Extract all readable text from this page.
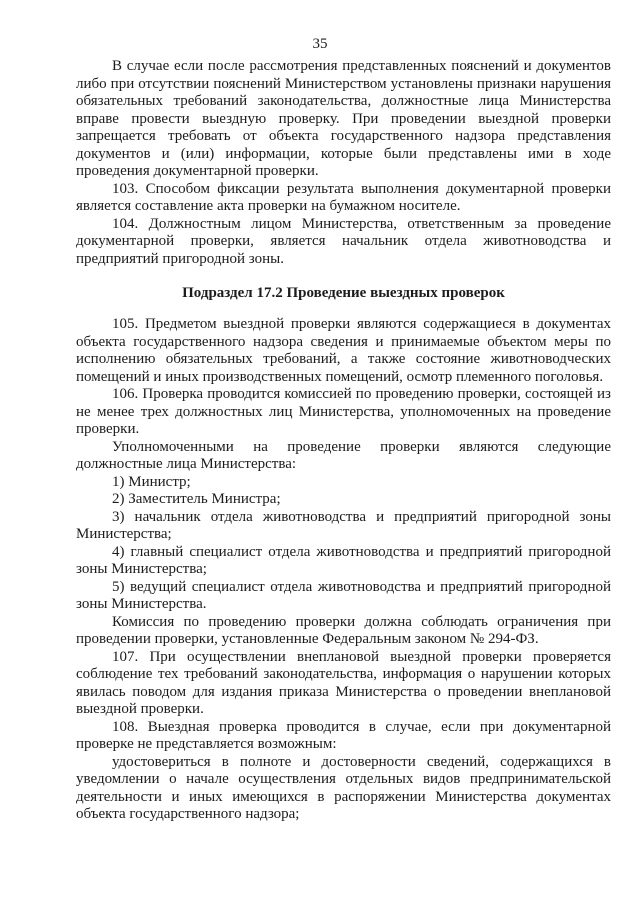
35

В случае если после рассмотрения представленных пояснений и документов либо при отсутствии пояснений Министерством установлены признаки нарушения обязательных требований законодательства, должностные лица Министерства вправе провести выездную проверку. При проведении выездной проверки запрещается требовать от объекта государственного надзора представления документов и (или) информации, которые были представлены ими в ходе проведения документарной проверки.

103. Способом фиксации результата выполнения документарной проверки является составление акта проверки на бумажном носителе.

104. Должностным лицом Министерства, ответственным за проведение документарной проверки, является начальник отдела животноводства и предприятий пригородной зоны.

Подраздел 17.2 Проведение выездных проверок

105. Предметом выездной проверки являются содержащиеся в документах объекта государственного надзора сведения и принимаемые объектом меры по исполнению обязательных требований, а также состояние животноводческих помещений и иных производственных помещений, осмотр племенного поголовья.

106. Проверка проводится комиссией по проведению проверки, состоящей из не менее трех должностных лиц Министерства, уполномоченных на проведение проверки.

Уполномоченными на проведение проверки являются следующие должностные лица Министерства:

1) Министр;

2) Заместитель Министра;

3) начальник отдела животноводства и предприятий пригородной зоны Министерства;

4) главный специалист отдела животноводства и предприятий пригородной зоны Министерства;

5) ведущий специалист отдела животноводства и предприятий пригородной зоны Министерства.

Комиссия по проведению проверки должна соблюдать ограничения при проведении проверки, установленные Федеральным законом № 294-ФЗ.

107. При осуществлении внеплановой выездной проверки проверяется соблюдение тех требований законодательства, информация о нарушении которых явилась поводом для издания приказа Министерства о проведении внеплановой выездной проверки.

108. Выездная проверка проводится в случае, если при документарной проверке не представляется возможным:

удостовериться в полноте и достоверности сведений, содержащихся в уведомлении о начале осуществления отдельных видов предпринимательской деятельности и иных имеющихся в распоряжении Министерства документах объекта государственного надзора;
